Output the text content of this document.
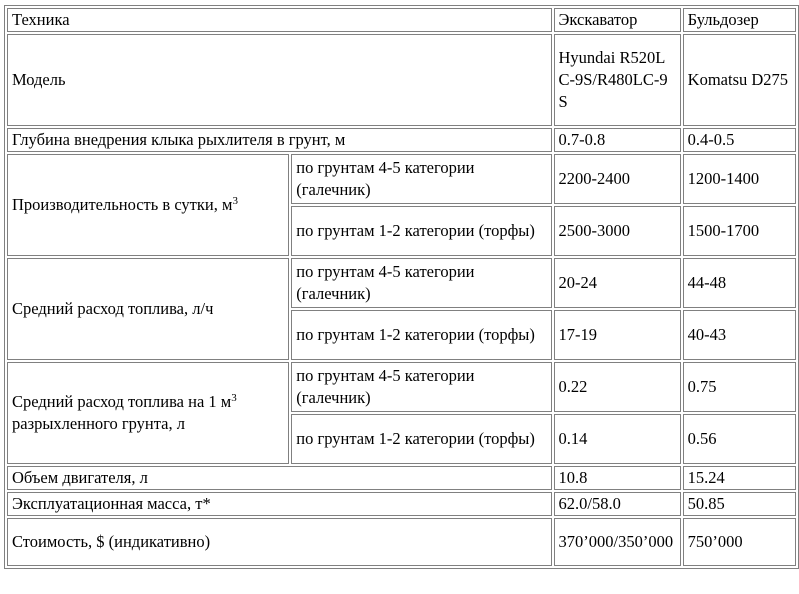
Техника		Экскаватор	Бульдозер
Модель		Hyundai R520LC-9S/R480LC-9S	Komatsu D275
Глубина внедрения клыка рыхлителя в грунт, м		0.7-0.8	0.4-0.5
Производительность в сутки, $м^3$	по грунтам 4-5 категории (галечник)	2200-2400	1200-1400
	по грунтам 1-2 категории (торфы)	2500-3000	1500-1700
Средний расход топлива, л/ч	по грунтам 4-5 категории (галечник)	20-24	44-48
	по грунтам 1-2 категории (торфы)	17-19	40-43
Средний расход топлива на 1 $м^3$ разрыхленного грунта, л	по грунтам 4-5 категории (галечник)	0.22	0.75
	по грунтам 1-2 категории (торфы)	0.14	0.56
Объем двигателя, л		10.8	15.24
Эксплуатационная масса, т*		62.0/58.0	50.85
Стоимость, $ (индикативно)		370’000/350’000	750’000
